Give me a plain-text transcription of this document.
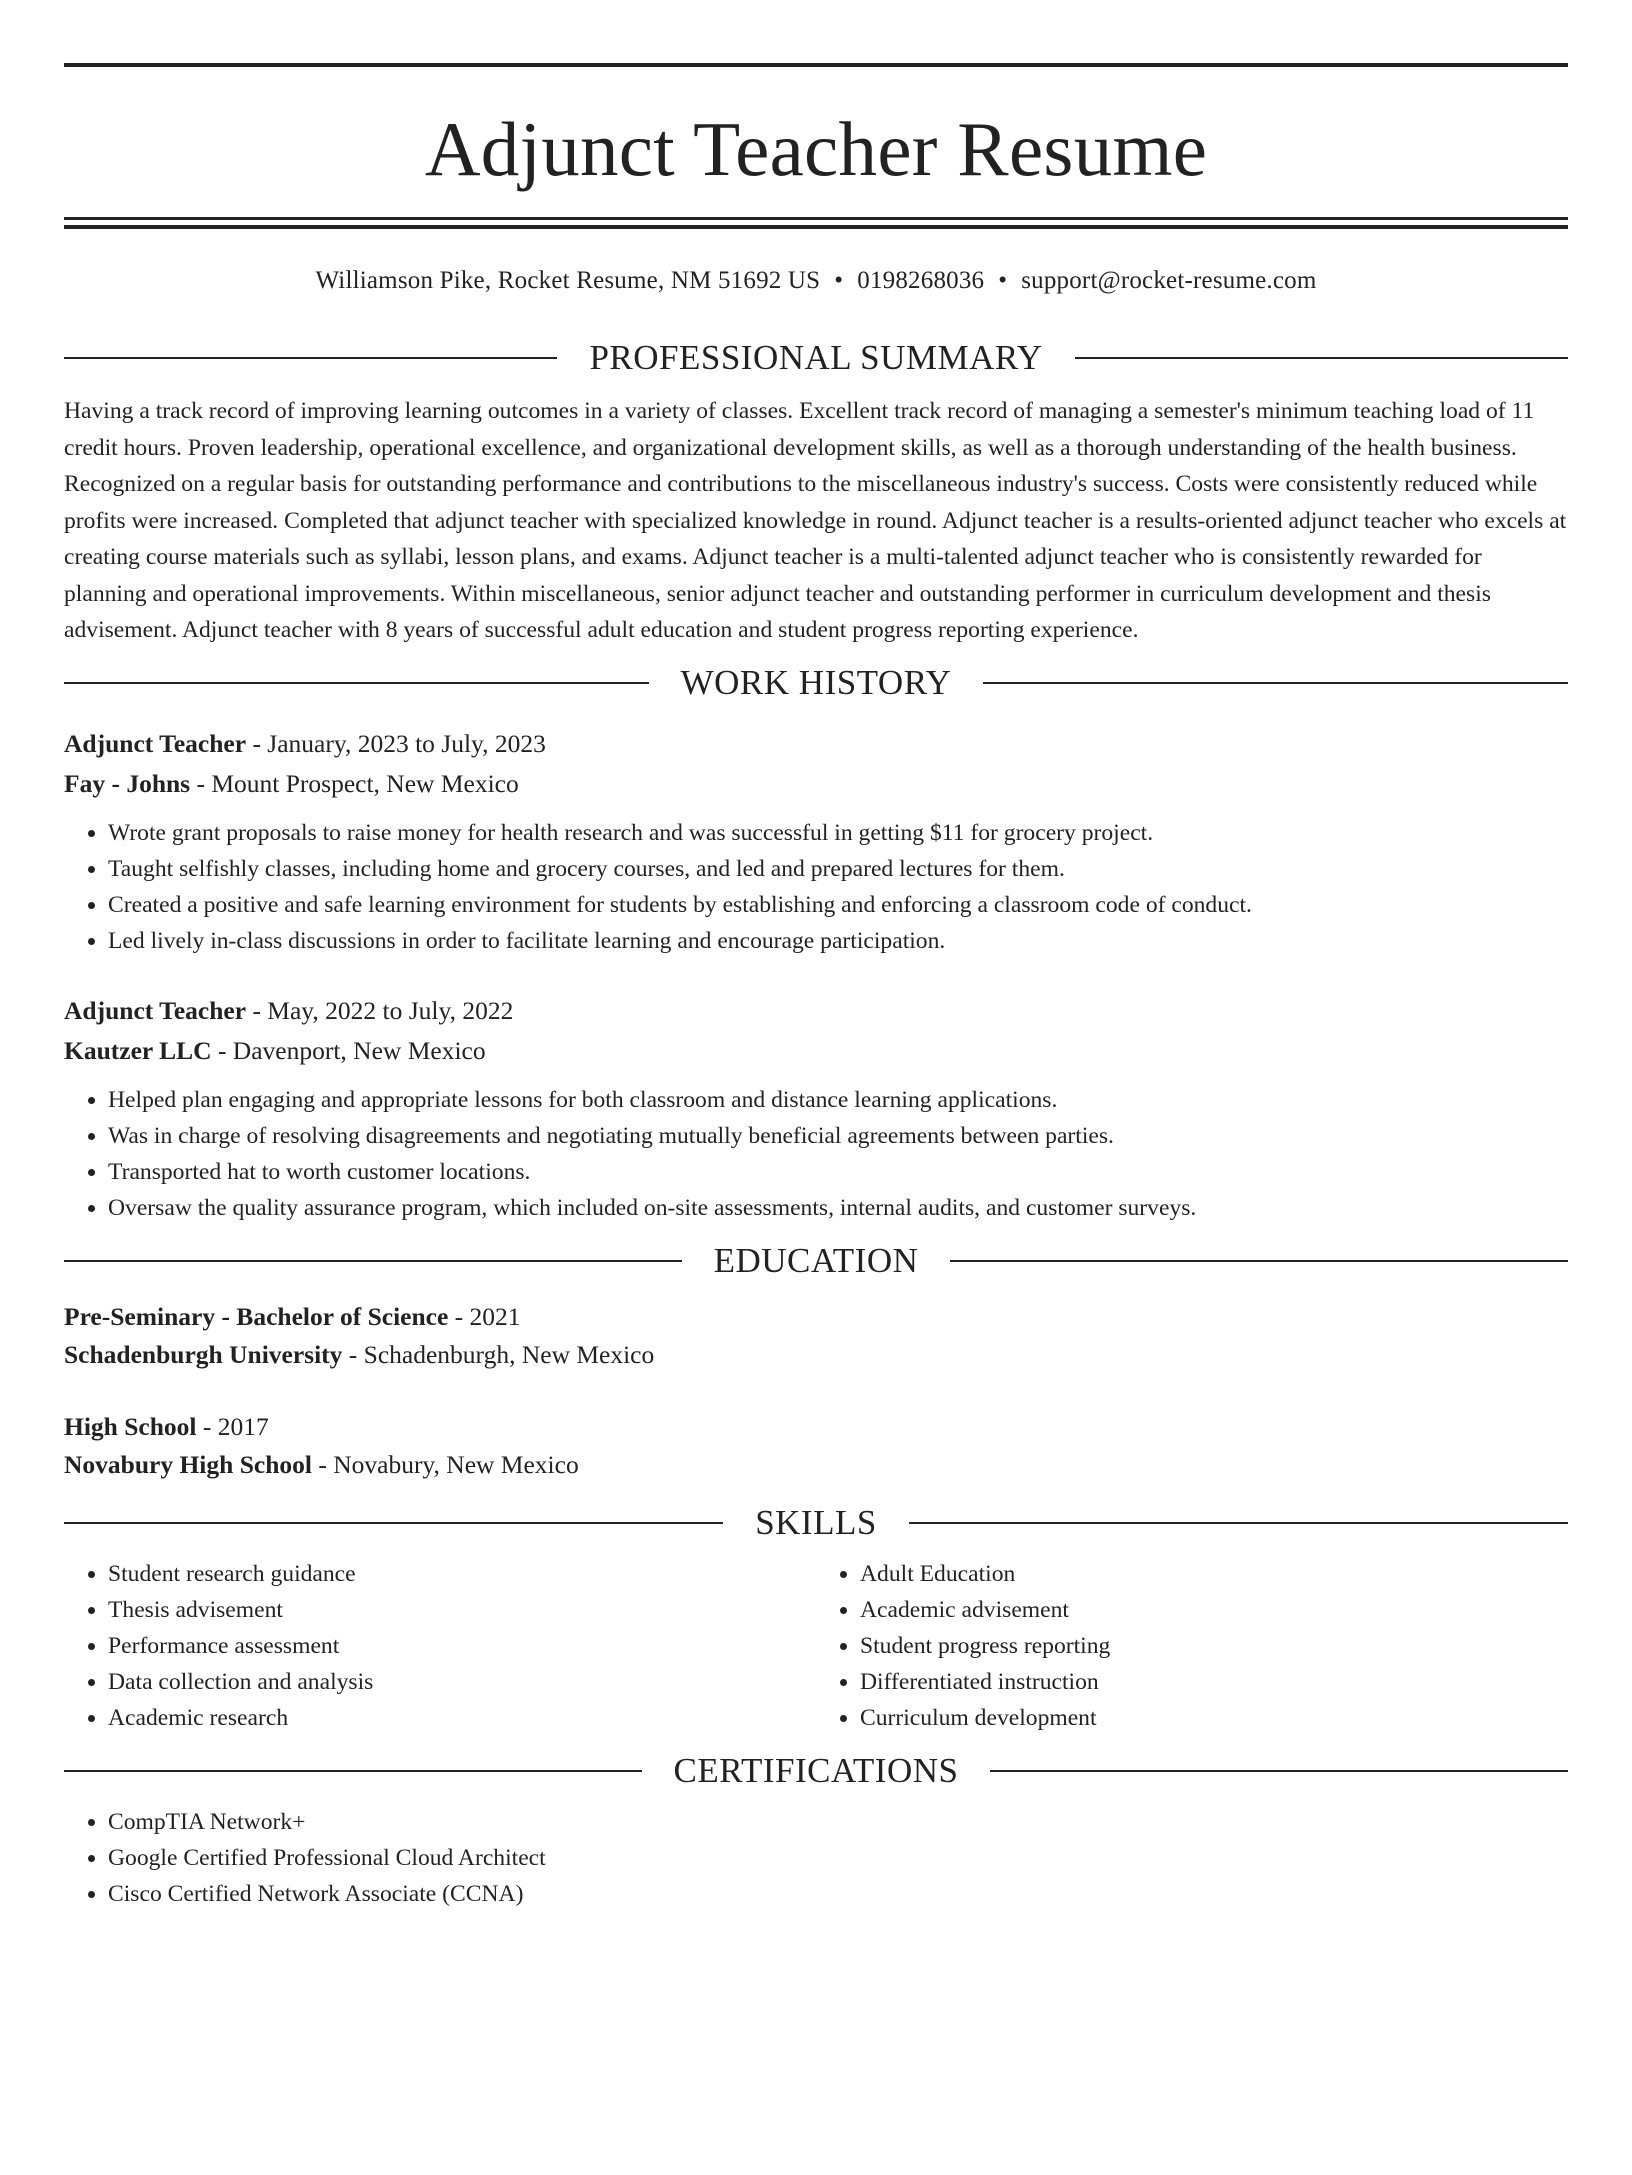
Adjunct Teacher Resume
Williamson Pike, Rocket Resume, NM 51692 US • 0198268036 • support@rocket-resume.com
PROFESSIONAL SUMMARY

Having a track record of improving learning outcomes in a variety of classes. Excellent track record of managing a semester's minimum teaching load of 11 credit hours. Proven leadership, operational excellence, and organizational development skills, as well as a thorough understanding of the health business. Recognized on a regular basis for outstanding performance and contributions to the miscellaneous industry's success. Costs were consistently reduced while profits were increased. Completed that adjunct teacher with specialized knowledge in round. Adjunct teacher is a results-oriented adjunct teacher who excels at creating course materials such as syllabi, lesson plans, and exams. Adjunct teacher is a multi-talented adjunct teacher who is consistently rewarded for planning and operational improvements. Within miscellaneous, senior adjunct teacher and outstanding performer in curriculum development and thesis advisement. Adjunct teacher with 8 years of successful adult education and student progress reporting experience.

WORK HISTORY
Adjunct Teacher - January, 2023 to July, 2023
Fay - Johns - Mount Prospect, New Mexico
• Wrote grant proposals to raise money for health research and was successful in getting $11 for grocery project.
• Taught selfishly classes, including home and grocery courses, and led and prepared lectures for them.
• Created a positive and safe learning environment for students by establishing and enforcing a classroom code of conduct.
• Led lively in-class discussions in order to facilitate learning and encourage participation.
Adjunct Teacher - May, 2022 to July, 2022
Kautzer LLC - Davenport, New Mexico
• Helped plan engaging and appropriate lessons for both classroom and distance learning applications.
• Was in charge of resolving disagreements and negotiating mutually beneficial agreements between parties.
• Transported hat to worth customer locations.
• Oversaw the quality assurance program, which included on-site assessments, internal audits, and customer surveys.
EDUCATION
Pre-Seminary - Bachelor of Science - 2021
Schadenburgh University - Schadenburgh, New Mexico
High School - 2017
Novabury High School - Novabury, New Mexico
SKILLS
• Student research guidance
• Thesis advisement
• Performance assessment
• Data collection and analysis
• Academic research
• Adult Education
• Academic advisement
• Student progress reporting
• Differentiated instruction
• Curriculum development
CERTIFICATIONS
• CompTIA Network+
• Google Certified Professional Cloud Architect
• Cisco Certified Network Associate (CCNA)
